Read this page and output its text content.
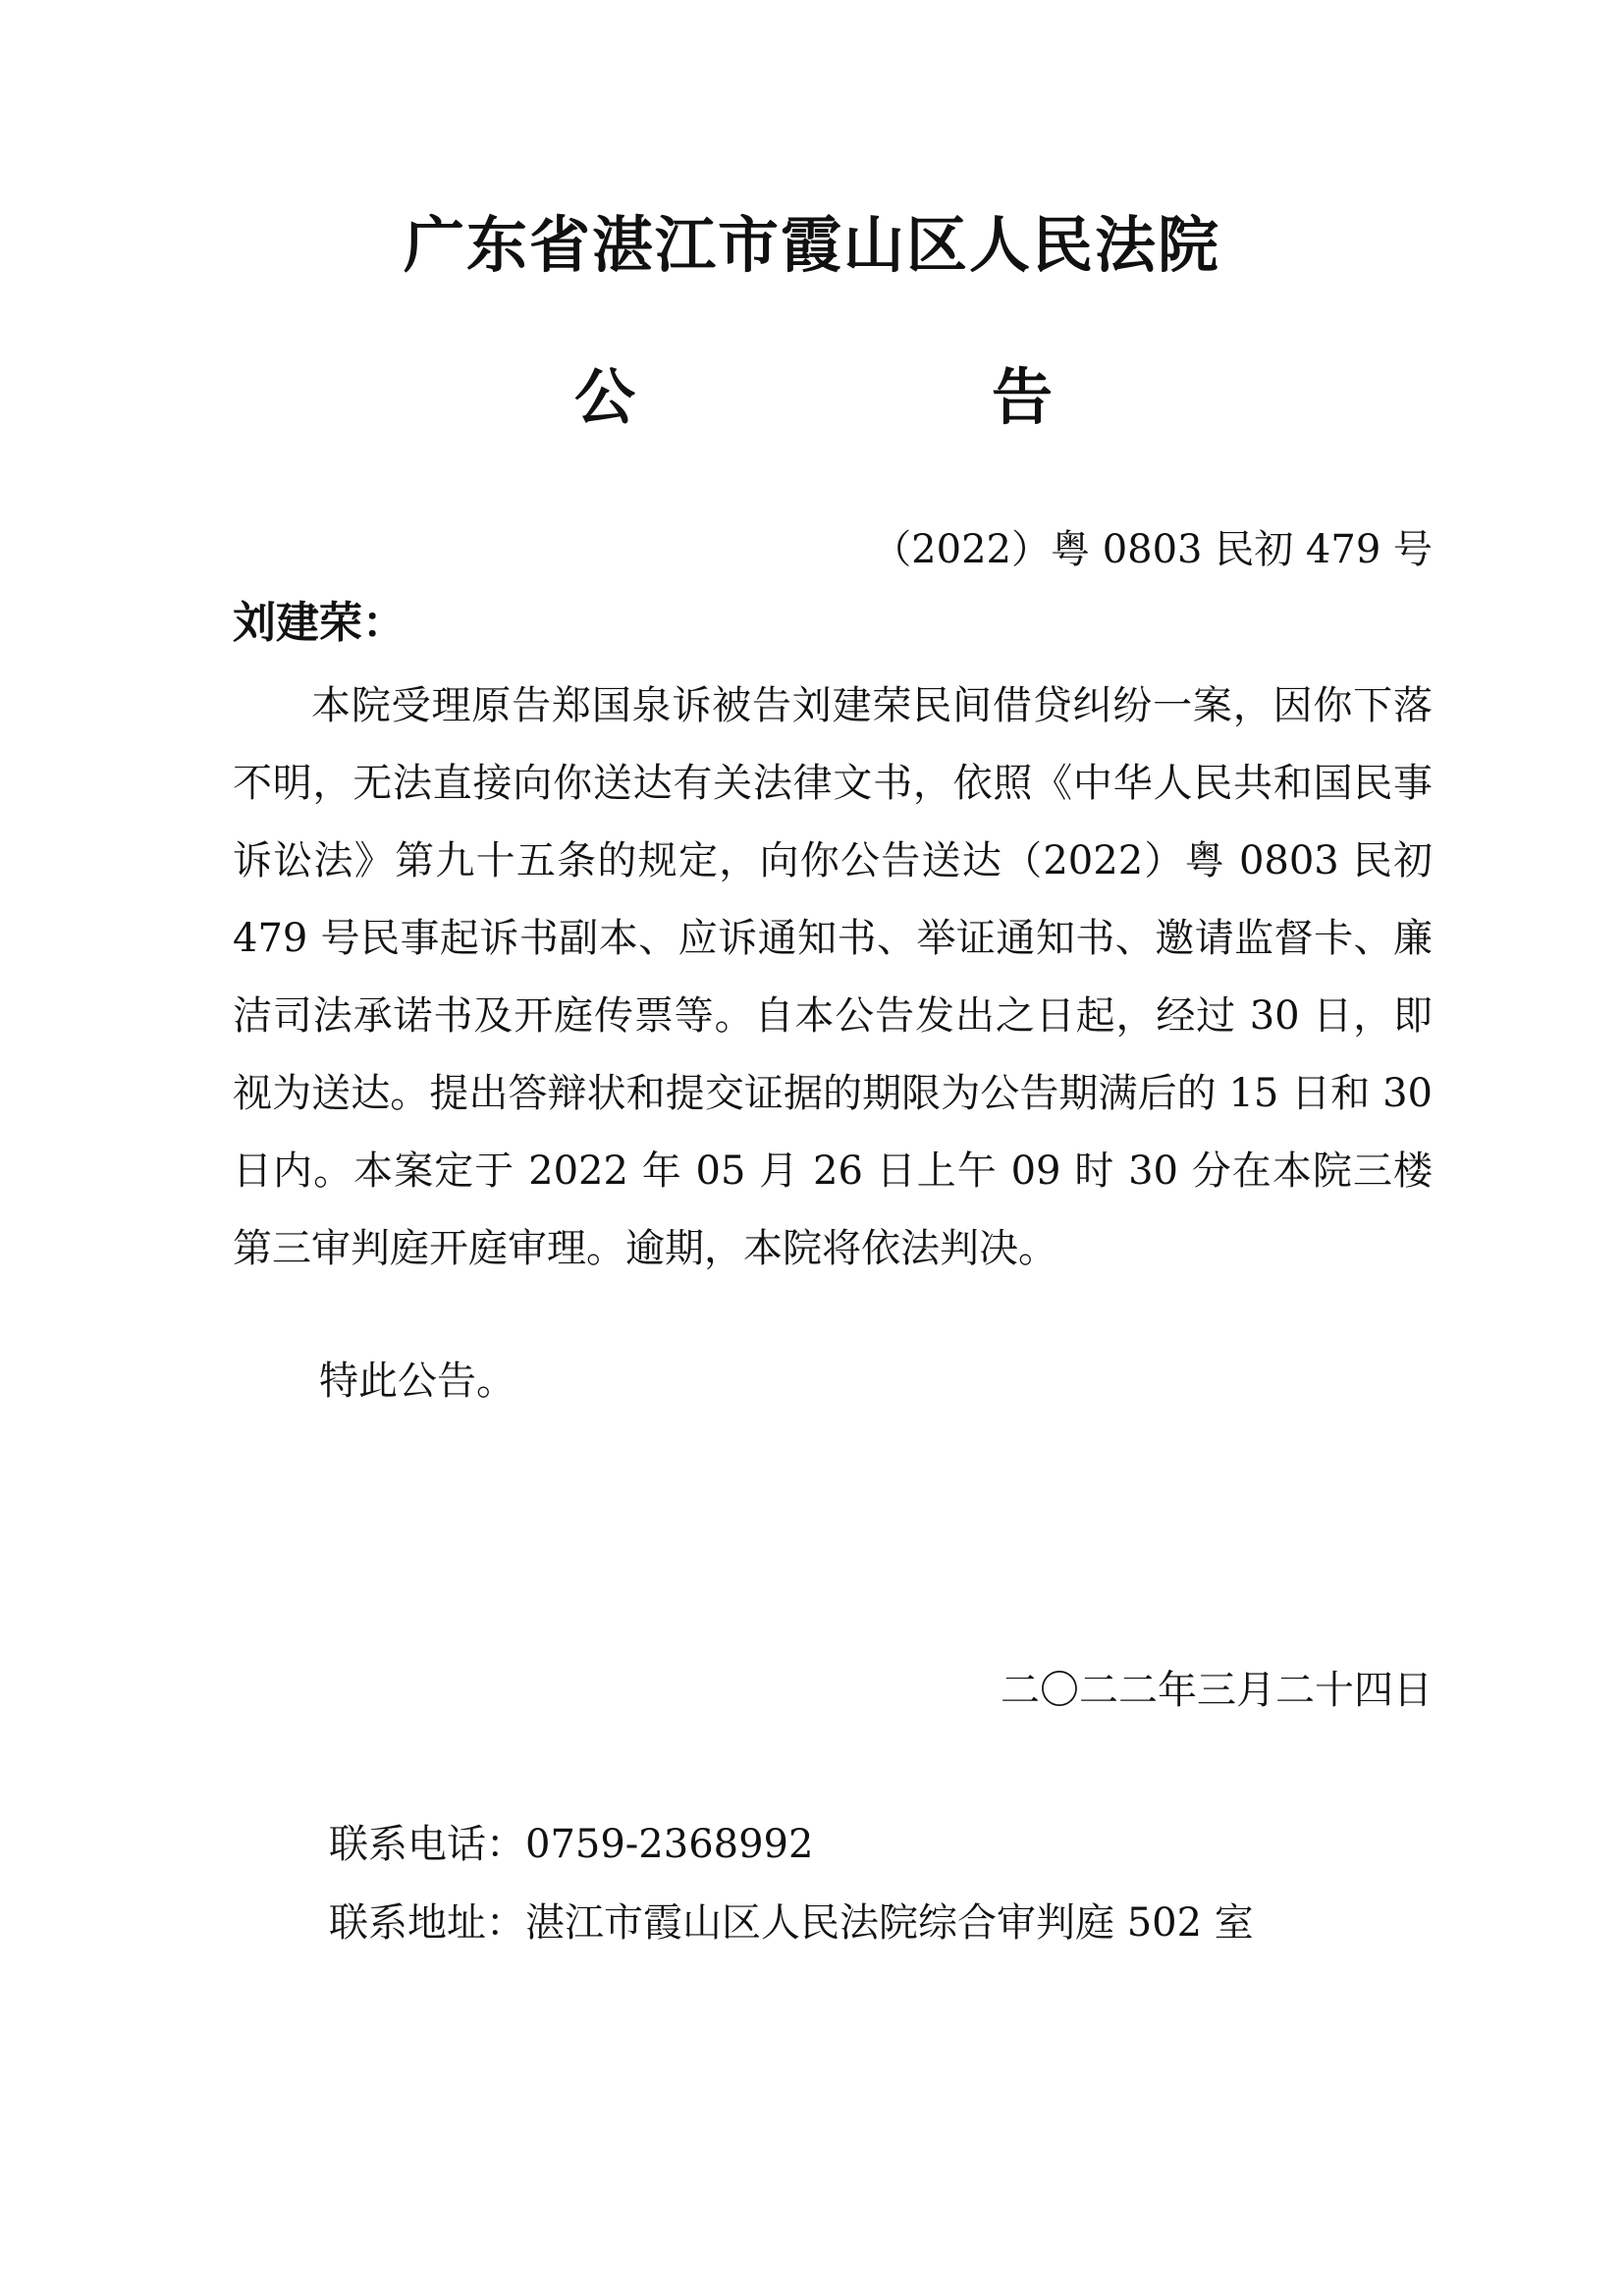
广东省湛江市霞山区人民法院
公	告
（2022）粤 0803 民初 479 号
刘建荣：

本院受理原告郑国泉诉被告刘建荣民间借贷纠纷一案，因你下落不明，无法直接向你送达有关法律文书，依照《中华人民共和国民事诉讼法》第九十五条的规定，向你公告送达（2022）粤 0803 民初 479 号民事起诉书副本、应诉通知书、举证通知书、邀请监督卡、廉洁司法承诺书及开庭传票等。自本公告发出之日起，经过 30 日，即视为送达。提出答辩状和提交证据的期限为公告期满后的 15 日和 30 日内。本案定于 2022 年 05 月 26 日上午 09 时 30 分在本院三楼第三审判庭开庭审理。逾期，本院将依法判决。

特此公告。
二〇二二年三月二十四日
联系电话：0759-2368992
联系地址：湛江市霞山区人民法院综合审判庭 502 室
